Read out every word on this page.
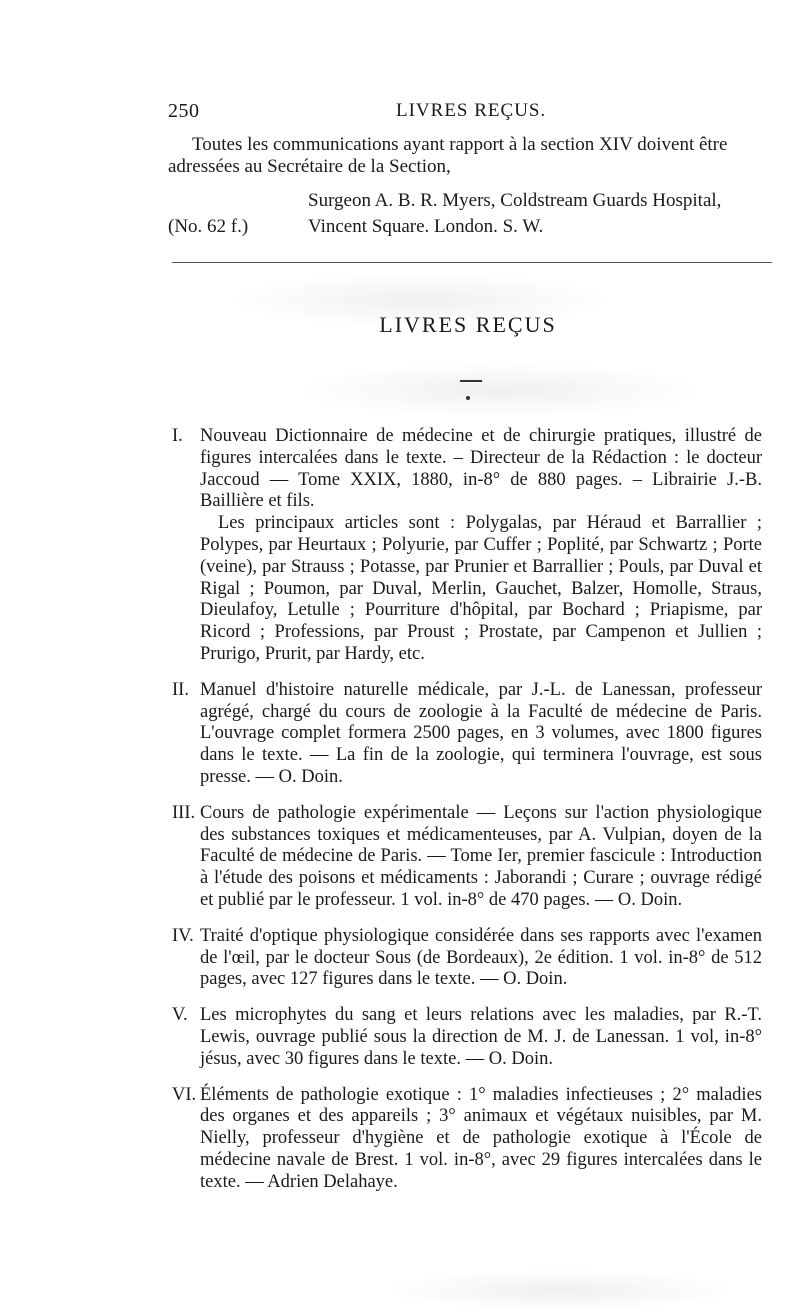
250	LIVRES REÇUS.

Toutes les communications ayant rapport à la section XIV doivent être

adressées au Secrétaire de la Section,

Surgeon A. B. R. Myers, Coldstream Guards Hospital,
(No. 62 f.)	Vincent Square. London. S. W.
LIVRES REÇUS
I. Nouveau Dictionnaire de médecine et de chirurgie pratiques, illustré de figures intercalées dans le texte. – Directeur de la Rédaction : le docteur Jaccoud — Tome XXIX, 1880, in-8° de 880 pages. – Librairie J.-B. Baillière et fils.
Les principaux articles sont : Polygalas, par Héraud et Barrallier ; Polypes, par Heurtaux ; Polyurie, par Cuffer ; Poplité, par Schwartz ; Porte (veine), par Strauss ; Potasse, par Prunier et Barrallier ; Pouls, par Duval et Rigal ; Poumon, par Duval, Merlin, Gauchet, Balzer, Homolle, Straus, Dieulafoy, Letulle ; Pourriture d'hôpital, par Bochard ; Priapisme, par Ricord ; Professions, par Proust ; Prostate, par Campenon et Jullien ; Prurigo, Prurit, par Hardy, etc.
II. Manuel d'histoire naturelle médicale, par J.-L. de Lanessan, professeur agrégé, chargé du cours de zoologie à la Faculté de médecine de Paris. L'ouvrage complet formera 2500 pages, en 3 volumes, avec 1800 figures dans le texte. — La fin de la zoologie, qui terminera l'ouvrage, est sous presse. — O. Doin.
III. Cours de pathologie expérimentale — Leçons sur l'action physiologique des substances toxiques et médicamenteuses, par A. Vulpian, doyen de la Faculté de médecine de Paris. — Tome Ier, premier fascicule : Introduction à l'étude des poisons et médicaments : Jaborandi ; Curare ; ouvrage rédigé et publié par le professeur. 1 vol. in-8° de 470 pages. — O. Doin.
IV. Traité d'optique physiologique considérée dans ses rapports avec l'examen de l'œil, par le docteur Sous (de Bordeaux), 2e édition. 1 vol. in-8° de 512 pages, avec 127 figures dans le texte. — O. Doin.
V. Les microphytes du sang et leurs relations avec les maladies, par R.-T. Lewis, ouvrage publié sous la direction de M. J. de Lanessan. 1 vol, in-8° jésus, avec 30 figures dans le texte. — O. Doin.
VI. Éléments de pathologie exotique : 1° maladies infectieuses ; 2° maladies des organes et des appareils ; 3° animaux et végétaux nuisibles, par M. Nielly, professeur d'hygiène et de pathologie exotique à l'École de médecine navale de Brest. 1 vol. in-8°, avec 29 figures intercalées dans le texte. — Adrien Delahaye.
